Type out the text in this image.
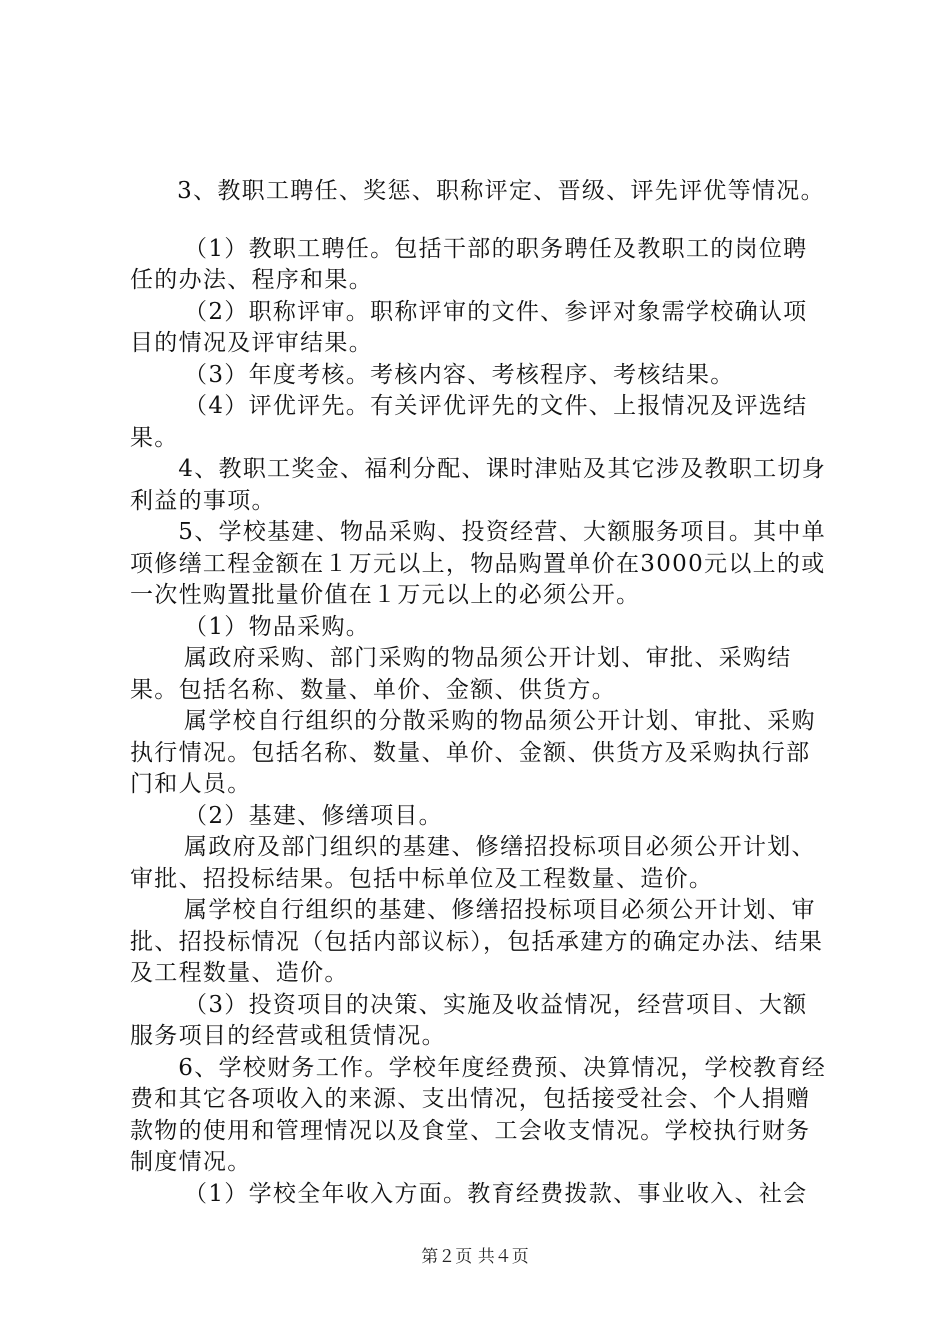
3、教职工聘任、奖惩、职称评定、晋级、评先评优等情况。

（1）教职工聘任。包括干部的职务聘任及教职工的岗位聘任的办法、程序和果。

（2）职称评审。职称评审的文件、参评对象需学校确认项目的情况及评审结果。

（3）年度考核。考核内容、考核程序、考核结果。

（4）评优评先。有关评优评先的文件、上报情况及评选结果。

4、教职工奖金、福利分配、课时津贴及其它涉及教职工切身利益的事项。

5、学校基建、物品采购、投资经营、大额服务项目。其中单项修缮工程金额在１万元以上，物品购置单价在3000元以上的或一次性购置批量价值在１万元以上的必须公开。

（1）物品采购。

属政府采购、部门采购的物品须公开计划、审批、采购结果。包括名称、数量、单价、金额、供货方。

属学校自行组织的分散采购的物品须公开计划、审批、采购执行情况。包括名称、数量、单价、金额、供货方及采购执行部门和人员。

（2）基建、修缮项目。

属政府及部门组织的基建、修缮招投标项目必须公开计划、审批、招投标结果。包括中标单位及工程数量、造价。

属学校自行组织的基建、修缮招投标项目必须公开计划、审批、招投标情况（包括内部议标），包括承建方的确定办法、结果及工程数量、造价。

（3）投资项目的决策、实施及收益情况，经营项目、大额服务项目的经营或租赁情况。

6、学校财务工作。学校年度经费预、决算情况，学校教育经费和其它各项收入的来源、支出情况，包括接受社会、个人捐赠款物的使用和管理情况以及食堂、工会收支情况。学校执行财务制度情况。

（1）学校全年收入方面。教育经费拨款、事业收入、社会

第２页 共４页
